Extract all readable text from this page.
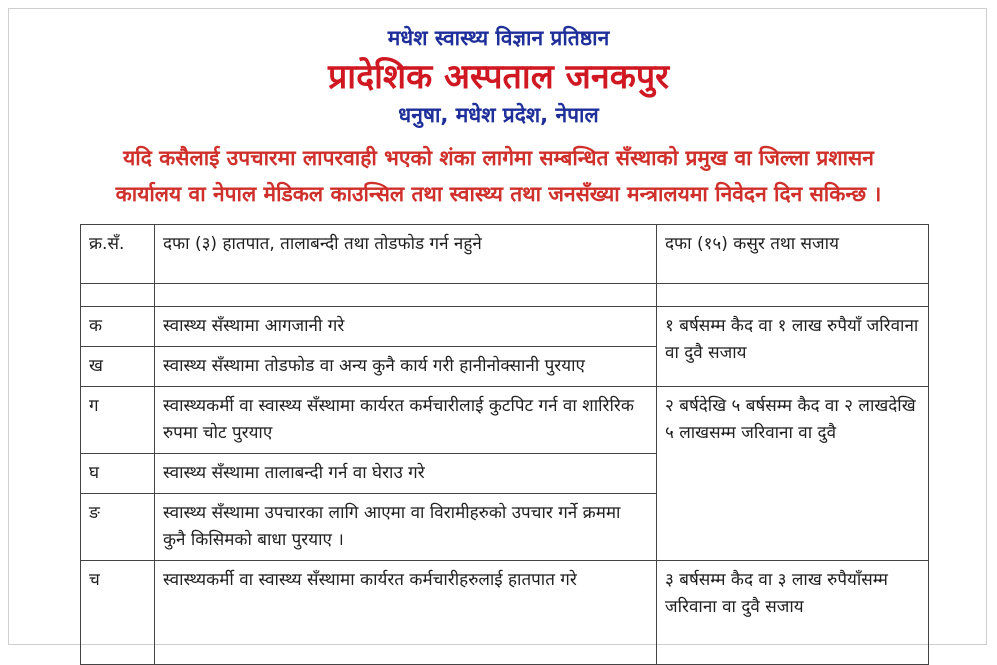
मधेश स्वास्थ्य विज्ञान प्रतिष्ठान
प्रादेशिक अस्पताल जनकपुर
धनुषा, मधेश प्रदेश, नेपाल
यदि कसैलाई उपचारमा लापरवाही भएको शंका लागेमा सम्बन्धित सँस्थाको प्रमुख वा जिल्ला प्रशासन
कार्यालय वा नेपाल मेडिकल काउन्सिल तथा स्वास्थ्य तथा जनसँख्या मन्त्रालयमा निवेदन दिन सकिन्छ ।
क्र.सँ.	दफा (३) हातपात, तालाबन्दी तथा तोडफोड गर्न नहुने	दफा (१५) कसुर तथा सजाय

क	स्वास्थ्य सँस्थामा आगजानी गरे	१ बर्षसम्म कैद वा १ लाख रुपैयाँ जरिवाना वा दुवै सजाय
ख	स्वास्थ्य सँस्थामा तोडफोड वा अन्य कुनै कार्य गरी हानीनोक्सानी पुरयाए	
ग	स्वास्थ्यकर्मी वा स्वास्थ्य सँस्थामा कार्यरत कर्मचारीलाई कुटपिट गर्न वा शारिरिक रुपमा चोट पुरयाए	२ बर्षदेखि ५ बर्षसम्म कैद वा २ लाखदेखि ५ लाखसम्म जरिवाना वा दुवै
घ	स्वास्थ्य सँस्थामा तालाबन्दी गर्न वा घेराउ गरे	
ङ	स्वास्थ्य सँस्थामा उपचारका लागि आएमा वा विरामीहरुको उपचार गर्ने क्रममा कुनै किसिमको बाधा पुरयाए ।	
च	स्वास्थ्यकर्मी वा स्वास्थ्य सँस्थामा कार्यरत कर्मचारीहरुलाई हातपात गरे	३ बर्षसम्म कैद वा ३ लाख रुपैयाँसम्म जरिवाना वा दुवै सजाय
